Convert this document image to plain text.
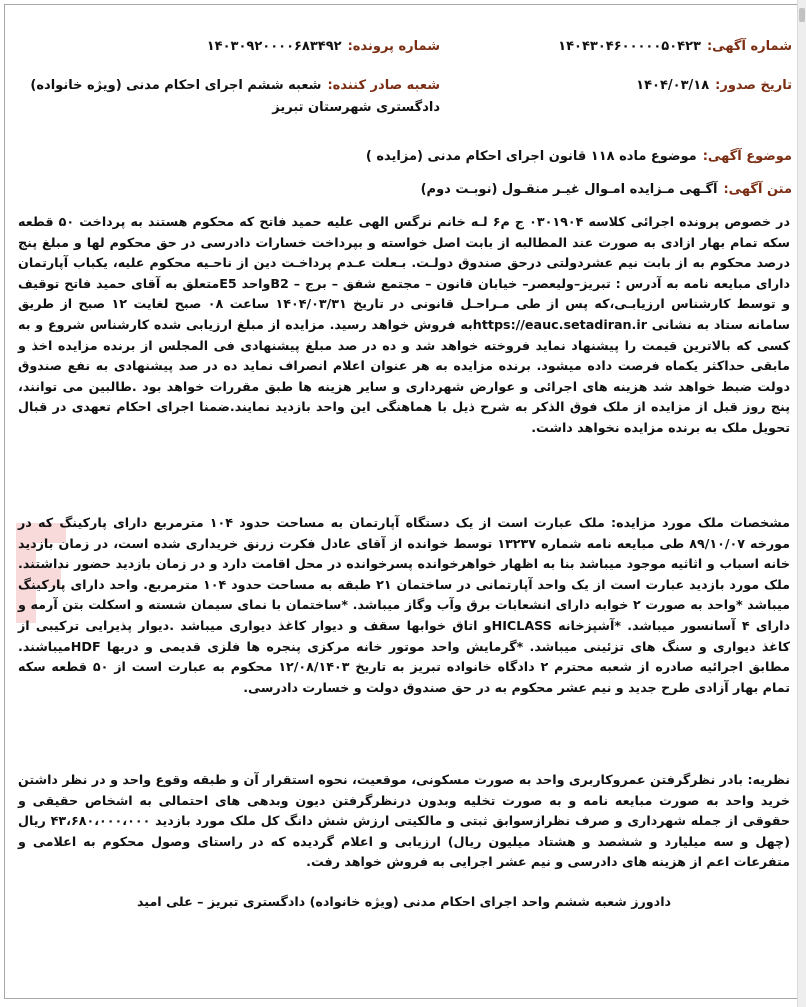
شماره آگهی:
۱۴۰۴۳۰۴۶۰۰۰۰۰۵۰۴۲۳
شماره پرونده:
۱۴۰۳۰۹۲۰۰۰۰۶۸۳۴۹۲
تاریخ صدور:
۱۴۰۴/۰۳/۱۸
شعبه صادر کننده:
شعبه ششم اجرای احکام مدنی (ویژه خانواده) دادگستری شهرستان تبریز
موضوع آگهی:
موضوع ماده ۱۱۸ قانون اجرای احکام مدنی (مزایده )
متن آگهی:
آگـهی مـزایده امـوال غیـر منقـول (نوبـت دوم)

در خصوص پرونده اجرائی کلاسه ۰۳۰۱۹۰۴ ج م‌۶ لـه خانم نرگس الهی علیه حمید فاتح که محکوم هستند به پرداخت ۵۰ قطعه سکه تمام بهار ازادی به صورت عند المطالبه از بابت اصل خواسته و بپرداخت خسارات دادرسی در حق محکوم لها و مبلغ پنج درصد محکوم به از بابت نیم عشردولتی درحق صندوق دولـت. بـعلت عـدم پرداخـت دین از ناحـیه محکوم علیه، یکباب آپارتمان دارای مبایعه نامه به آدرس : تبریز–ولیعصر– خیابان قانون – مجتمع شفق – برج – B2واحد E5متعلق به آقای حمید فاتح توقیف و توسط کارشناس ارزیابـی،که پس از طی مـراحـل قانونی در تاریخ ۱۴۰۴/۰۳/۳۱ ساعت ۰۸ صبح لغایت ۱۲ صبح از طریق سامانه ستاد به نشانی https://eauc.setadiran.irبه فروش خواهد رسید. مزایده از مبلغ ارزیابی شده کارشناس شروع و به کسی که بالاترین قیمت را پیشنهاد نماید فروخته خواهد شد و ده در صد مبلغ پیشنهادی فی المجلس از برنده مزایده اخذ و مابقی حداکثر یکماه فرصت داده میشود. برنده مزایده به هر عنوان اعلام انصراف نماید ده در صد پیشنهادی به نفع صندوق دولت ضبط خواهد شد هزینه های اجرائی و عوارض شهرداری و سایر هزینه ها طبق مقررات خواهد بود .طالبین می توانند، پنج روز قبل از مزایده از ملک فوق الذکر به شرح ذیل با هماهنگی این واحد بازدید نمایند.ضمنا اجرای احکام تعهدی در قبال تحویل ملک به برنده مزایده نخواهد داشت.

مشخصات ملک مورد مزایده: ملک عبارت است از یک دستگاه آپارتمان به مساحت حدود ۱۰۴ مترمربع دارای پارکینگ که در مورخه ۸۹/۱۰/۰۷ طی مبایعه نامه شماره ۱۳۲۳۷ توسط خوانده از آقای عادل فکرت زرنق خریداری شده است، در زمان بازدید خانه اسباب و اثاثیه موجود میباشد بنا به اظهار خواهرخوانده پسرخوانده در محل اقامت دارد و در زمان بازدید حضور نداشتند. ملک مورد بازدید عبارت است از یک واحد آپارتمانی در ساختمان ۲۱ طبقه به مساحت حدود ۱۰۴ مترمربع. واحد دارای پارکینگ میباشد *واحد به صورت ۲ خوابه دارای انشعابات برق وآب وگاز میباشد. *ساختمان با نمای سیمان شسته و اسکلت بتن آرمه و دارای ۴ آسانسور میباشد. *آشپزخانه HICLASSو اتاق خوابها سقف و دیوار کاغذ دیواری میباشد .دیوار پذیرایی ترکیبی از کاغذ دیواری و سنگ های تزئینی میباشد. *گرمایش واحد موتور خانه مرکزی پنجره ها فلزی قدیمی و دربها HDFمیباشند. مطابق اجرائیه صادره از شعبه محترم ۲ دادگاه خانواده تبریز به تاریخ ۱۲/۰۸/۱۴۰۳ محکوم به عبارت است از ۵۰ قطعه سکه تمام بهار آزادی طرح جدید و نیم عشر محکوم به در حق صندوق دولت و خسارت دادرسی.

نظریه: بادر نظرگرفتن عمروکاربری واحد به صورت مسکونی، موقعیت، نحوه استقرار آن و طبقه وقوع واحد و در نظر داشتن خرید واحد به صورت مبایعه نامه و به صورت تخلیه وبدون درنظرگرفتن دیون وبدهی های احتمالی به اشخاص حقیقی و حقوقی از جمله شهرداری و صرف نظرازسوابق ثبتی و مالکیتی ارزش شش دانگ کل ملک مورد بازدید ۴۳،۶۸۰،۰۰۰،۰۰۰ ریال (چهل و سه میلیارد و ششصد و هشتاد میلیون ریال) ارزیابی و اعلام گردیده که در راستای وصول محکوم به اعلامی و متفرعات اعم از هزینه های دادرسی و نیم عشر اجرایی به فروش خواهد رفت.

دادورز شعبه ششم واحد اجرای احکام مدنی (ویژه خانواده) دادگستری تبریز – علی امید
